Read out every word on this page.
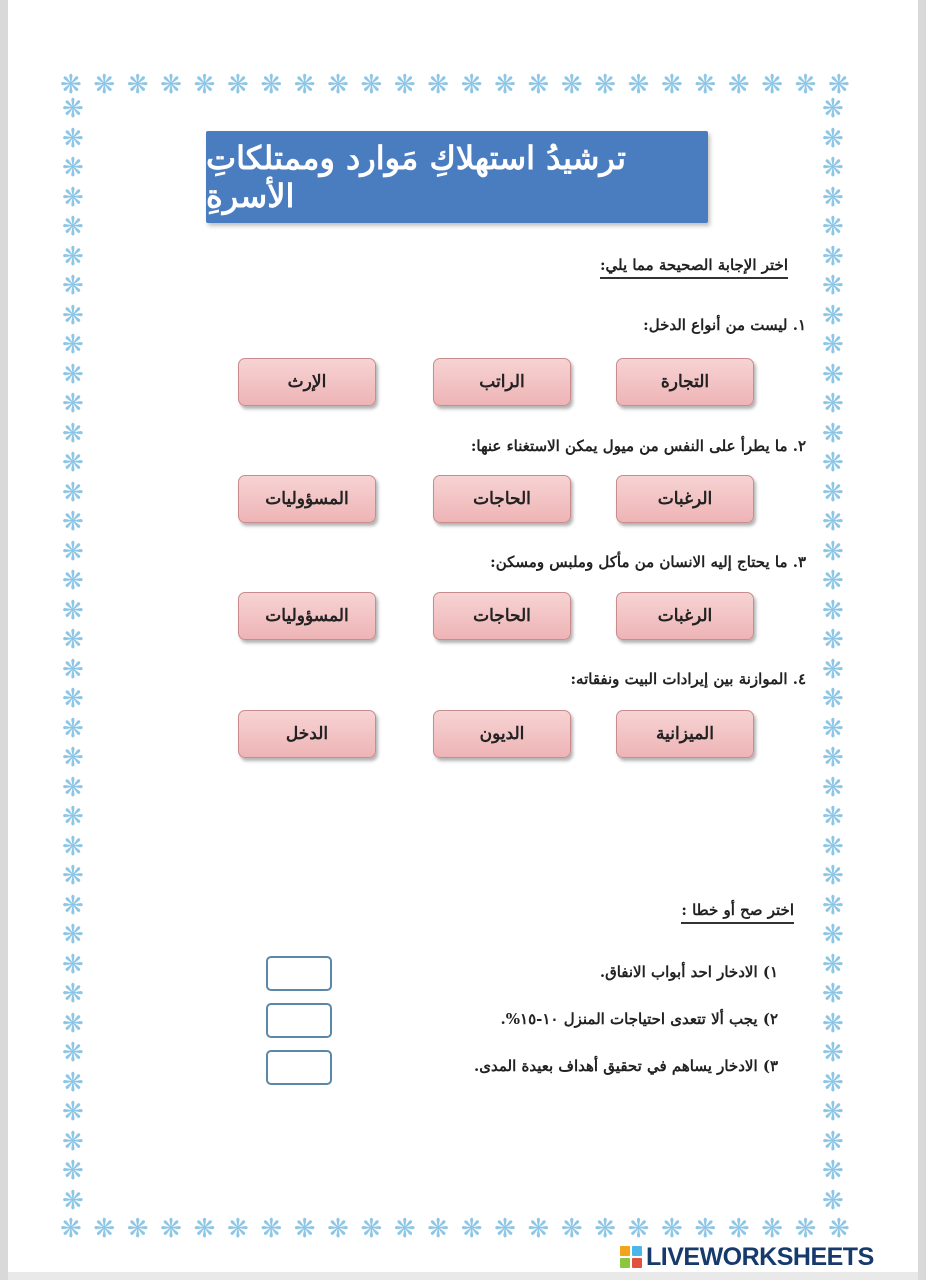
❋ ❋ ❋ ❋ ❋ ❋ ❋ ❋ ❋ ❋ ❋ ❋ ❋ ❋ ❋ ❋ ❋ ❋ ❋ ❋ ❋ ❋ ❋ ❋
❋ ❋ ❋ ❋ ❋ ❋ ❋ ❋ ❋ ❋ ❋ ❋ ❋ ❋ ❋ ❋ ❋ ❋ ❋ ❋ ❋ ❋ ❋ ❋
❋
❋
❋
❋
❋
❋
❋
❋
❋
❋
❋
❋
❋
❋
❋
❋
❋
❋
❋
❋
❋
❋
❋
❋
❋
❋
❋
❋
❋
❋
❋
❋
❋
❋
❋
❋
❋
❋
❋
❋
❋
❋
❋
❋
❋
❋
❋
❋
❋
❋
❋
❋
❋
❋
❋
❋
❋
❋
❋
❋
❋
❋
❋
❋
❋
❋
❋
❋
❋
❋
❋
❋
❋
❋
❋
❋
ترشيدُ استهلاكِ مَوارد وممتلكاتِ الأسرةِ
اختر الإجابة الصحيحة مما يلي:
١. ليست من أنواع الدخل:
التجارة
الراتب
الإرث
٢. ما يطرأ على النفس من ميول يمكن الاستغناء عنها:
الرغبات
الحاجات
المسؤوليات
٣. ما يحتاج إليه الانسان من مأكل وملبس ومسكن:
الرغبات
الحاجات
المسؤوليات
٤. الموازنة بين إيرادات البيت ونفقاته:
الميزانية
الديون
الدخل
اختر صح أو خطا :
١) الادخار احد أبواب الانفاق.
٢) يجب ألا تتعدى احتياجات المنزل ١٠-١٥%.
٣) الادخار يساهم في تحقيق أهداف بعيدة المدى.
LIVEWORKSHEETS
